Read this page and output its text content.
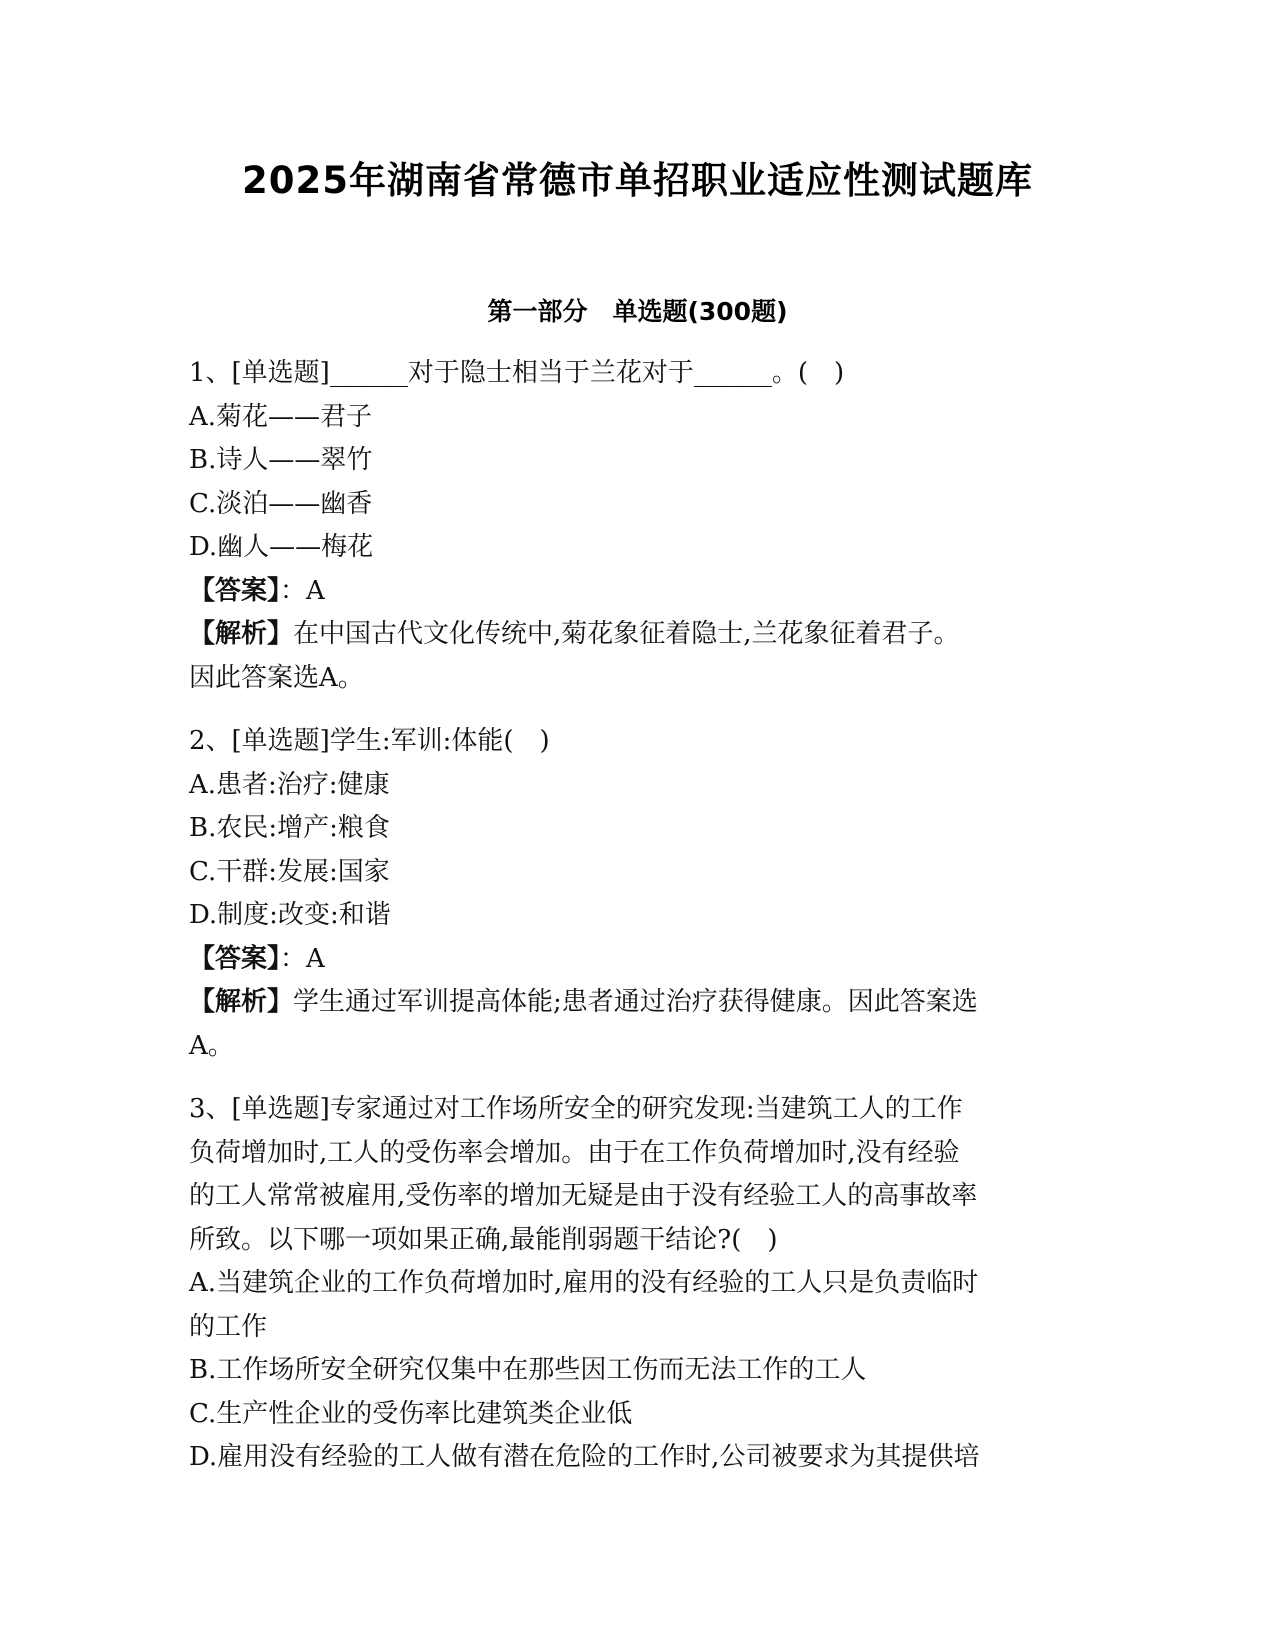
2025年湖南省常德市单招职业适应性测试题库
第一部分　单选题(300题)
1、[单选题]______对于隐士相当于兰花对于______。(　)
A.菊花——君子
B.诗人——翠竹
C.淡泊——幽香
D.幽人——梅花
【答案】：A
【解析】在中国古代文化传统中,菊花象征着隐士,兰花象征着君子。
因此答案选A。
2、[单选题]学生:军训:体能(　)
A.患者:治疗:健康
B.农民:增产:粮食
C.干群:发展:国家
D.制度:改变:和谐
【答案】：A
【解析】学生通过军训提高体能;患者通过治疗获得健康。因此答案选
A。
3、[单选题]专家通过对工作场所安全的研究发现:当建筑工人的工作
负荷增加时,工人的受伤率会增加。由于在工作负荷增加时,没有经验
的工人常常被雇用,受伤率的增加无疑是由于没有经验工人的高事故率
所致。以下哪一项如果正确,最能削弱题干结论?(　)
A.当建筑企业的工作负荷增加时,雇用的没有经验的工人只是负责临时
的工作
B.工作场所安全研究仅集中在那些因工伤而无法工作的工人
C.生产性企业的受伤率比建筑类企业低
D.雇用没有经验的工人做有潜在危险的工作时,公司被要求为其提供培
